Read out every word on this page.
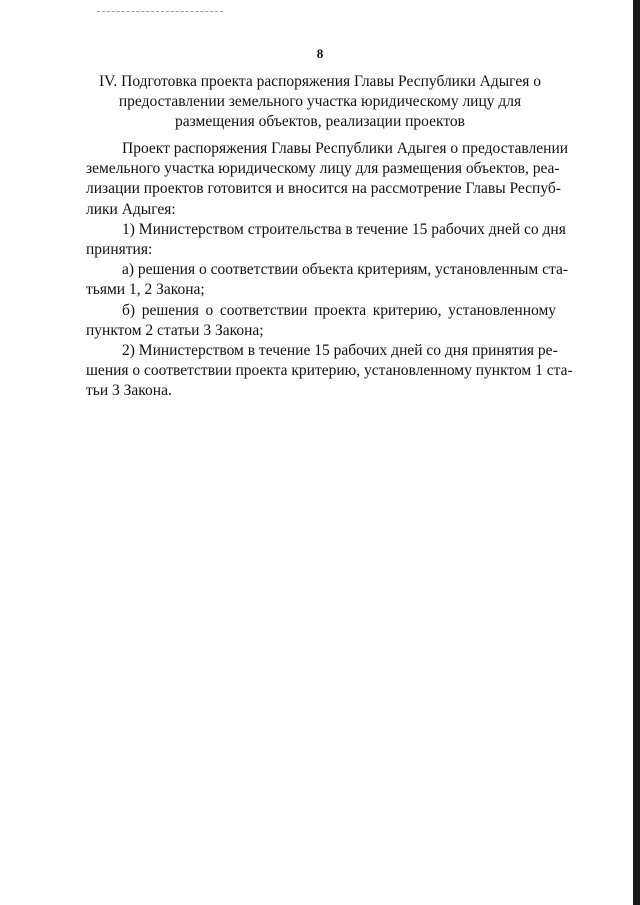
8
IV. Подготовка проекта распоряжения Главы Республики Адыгея о
предоставлении земельного участка юридическому лицу для
размещения объектов, реализации проектов
Проект распоряжения Главы Республики Адыгея о предоставлении
земельного участка юридическому лицу для размещения объектов, реа-
лизации проектов готовится и вносится на рассмотрение Главы Респуб-
лики Адыгея:
1) Министерством строительства в течение 15 рабочих дней со дня
принятия:
а) решения о соответствии объекта критериям, установленным ста-
тьями 1, 2 Закона;
б) решения о соответствии проекта критерию, установленному
пунктом 2 статьи 3 Закона;
2) Министерством в течение 15 рабочих дней со дня принятия ре-
шения о соответствии проекта критерию, установленному пунктом 1 ста-
тьи 3 Закона.
